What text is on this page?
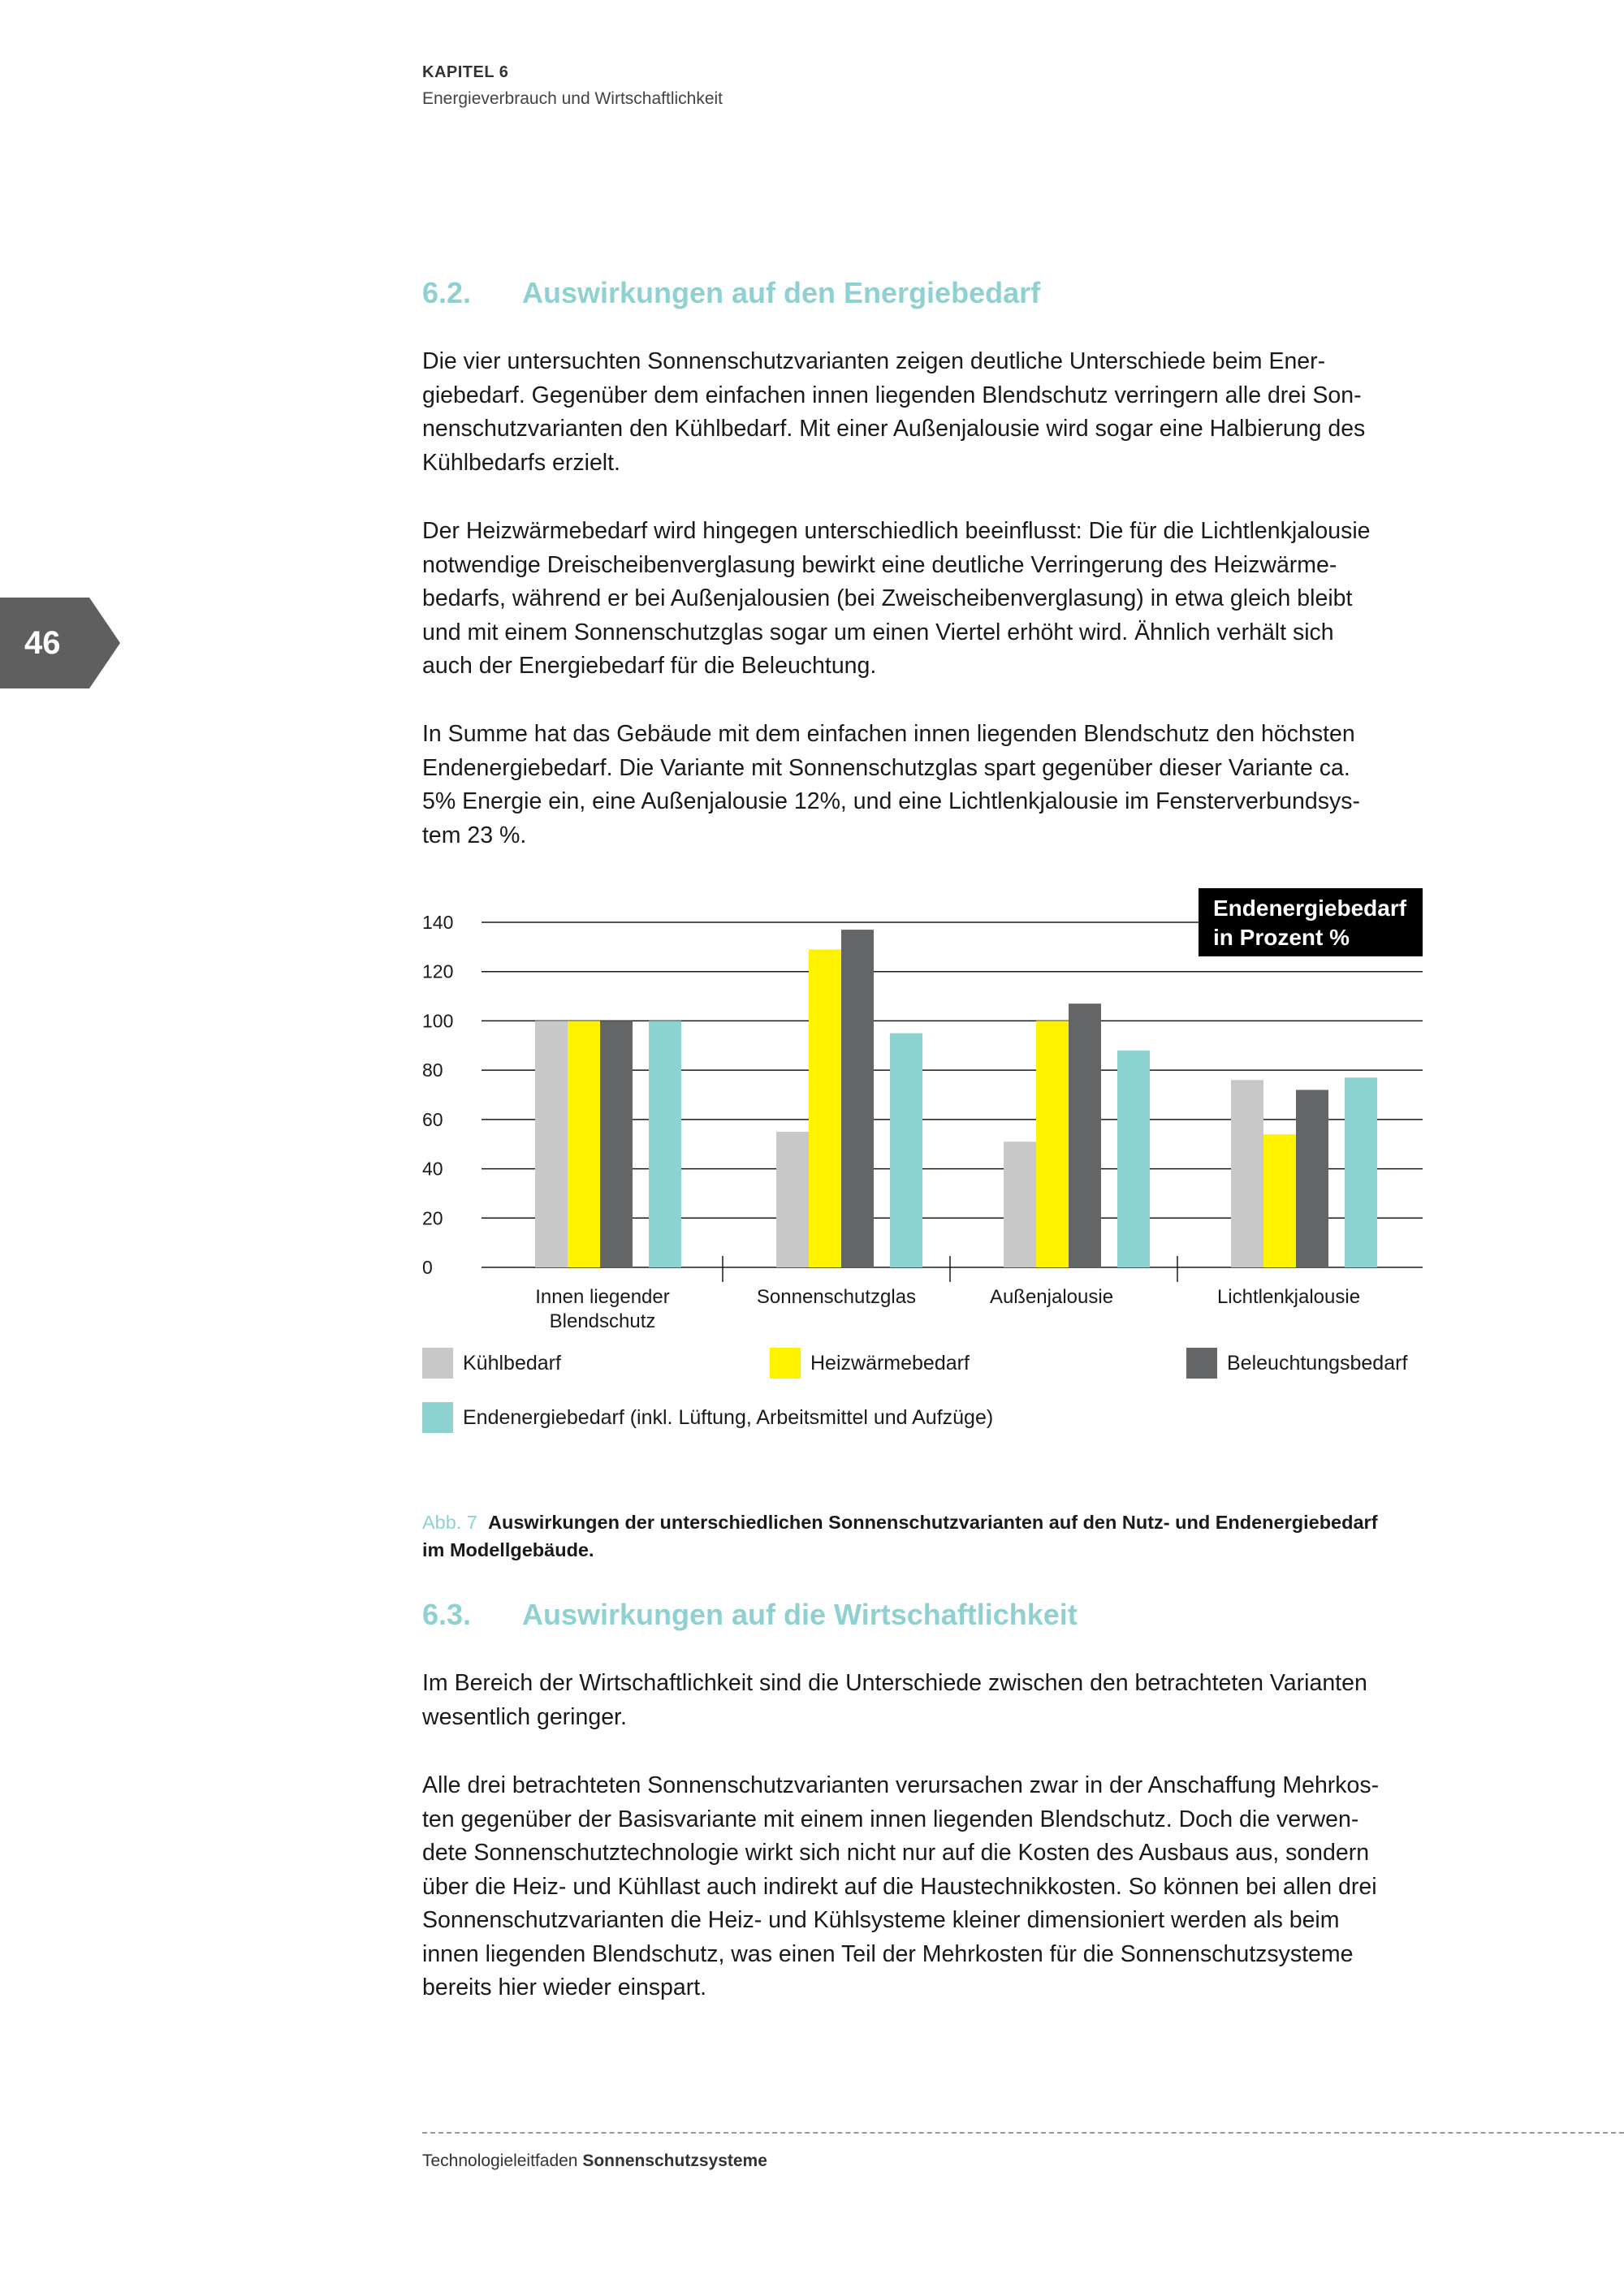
KAPITEL 6
Energieverbrauch und Wirtschaftlichkeit
46
6.2. Auswirkungen auf den Energiebedarf

Die vier untersuchten Sonnenschutzvarianten zeigen deutliche Unterschiede beim Ener-
giebedarf. Gegenüber dem einfachen innen liegenden Blendschutz verringern alle drei Son-
nenschutzvarianten den Kühlbedarf. Mit einer Außenjalousie wird sogar eine Halbierung des
Kühlbedarfs erzielt.

Der Heizwärmebedarf wird hingegen unterschiedlich beeinflusst: Die für die Lichtlenkjalousie
notwendige Dreischeibenverglasung bewirkt eine deutliche Verringerung des Heizwärme-
bedarfs, während er bei Außenjalousien (bei Zweischeibenverglasung) in etwa gleich bleibt
und mit einem Sonnenschutzglas sogar um einen Viertel erhöht wird. Ähnlich verhält sich
auch der Energiebedarf für die Beleuchtung.

In Summe hat das Gebäude mit dem einfachen innen liegenden Blendschutz den höchsten
Endenergiebedarf. Die Variante mit Sonnenschutzglas spart gegenüber dieser Variante ca.
5% Energie ein, eine Außenjalousie 12%, und eine Lichtlenkjalousie im Fensterverbundsys-
tem 23 %.

0
20
40
60
80
100
120
140
Innen liegender
Blendschutz
Sonnenschutzglas	Außenjalousie	Lichtlenkjalousie
Endenergiebedarf
in Prozent %
Kühlbedarf	Heizwärmebedarf	Beleuchtungsbedarf
Endenergiebedarf (inkl. Lüftung, Arbeitsmittel und Aufzüge)
Abb. 7 Auswirkungen der unterschiedlichen Sonnenschutzvarianten auf den Nutz- und Endenergiebedarf
im Modellgebäude.
6.3. Auswirkungen auf die Wirtschaftlichkeit

Im Bereich der Wirtschaftlichkeit sind die Unterschiede zwischen den betrachteten Varianten
wesentlich geringer.

Alle drei betrachteten Sonnenschutzvarianten verursachen zwar in der Anschaffung Mehrkos-
ten gegenüber der Basisvariante mit einem innen liegenden Blendschutz. Doch die verwen-
dete Sonnenschutztechnologie wirkt sich nicht nur auf die Kosten des Ausbaus aus, sondern
über die Heiz- und Kühllast auch indirekt auf die Haustechnikkosten. So können bei allen drei
Sonnenschutzvarianten die Heiz- und Kühlsysteme kleiner dimensioniert werden als beim
innen liegenden Blendschutz, was einen Teil der Mehrkosten für die Sonnenschutzsysteme
bereits hier wieder einspart.

Technologieleitfaden Sonnenschutzsysteme
